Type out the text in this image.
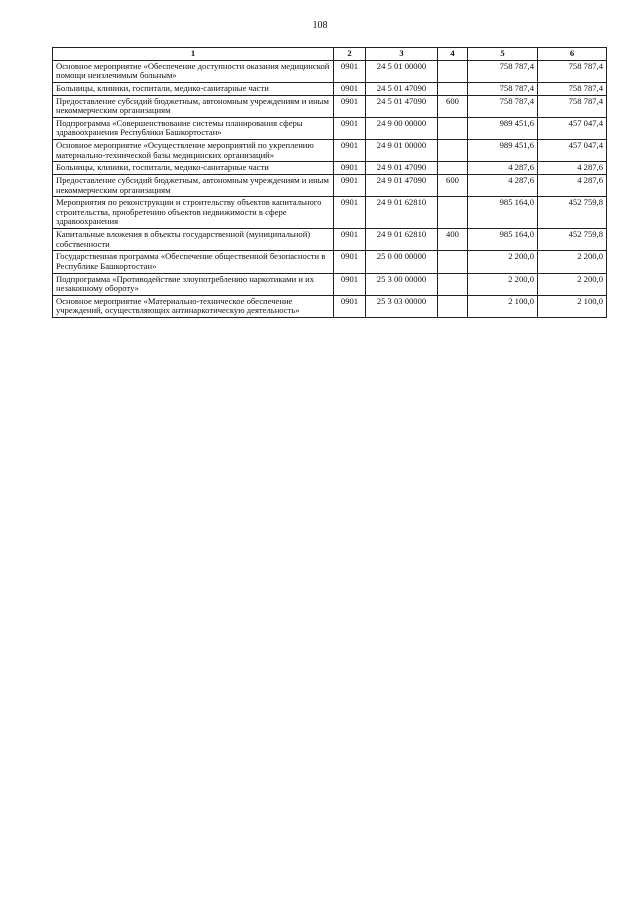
108
1	2	3	4	5	6
Основное мероприятие «Обеспечение доступности оказания медицинской помощи неизлечимым больным»	0901	24 5 01 00000		758 787,4	758 787,4
Больницы, клиники, госпитали, медико-санитарные части	0901	24 5 01 47090		758 787,4	758 787,4
Предоставление субсидий бюджетным, автономным учреждениям и иным некоммерческим организациям	0901	24 5 01 47090	600	758 787,4	758 787,4
Подпрограмма «Совершенствование системы планирования сферы здравоохранения Республики Башкортостан»	0901	24 9 00 00000		989 451,6	457 047,4
Основное мероприятие «Осуществление мероприятий по укреплению материально-технической базы медицинских организаций»	0901	24 9 01 00000		989 451,6	457 047,4
Больницы, клиники, госпитали, медико-санитарные части	0901	24 9 01 47090		4 287,6	4 287,6
Предоставление субсидий бюджетным, автономным учреждениям и иным некоммерческим организациям	0901	24 9 01 47090	600	4 287,6	4 287,6
Мероприятия по реконструкции и строительству объектов капитального строительства, приобретению объектов недвижимости в сфере здравоохранения	0901	24 9 01 62810		985 164,0	452 759,8
Капитальные вложения в объекты государственной (муниципальной) собственности	0901	24 9 01 62810	400	985 164,0	452 759,8
Государственная программа «Обеспечение общественной безопасности в Республике Башкортостан»	0901	25 0 00 00000		2 200,0	2 200,0
Подпрограмма «Противодействие злоупотреблению наркотиками и их незаконному обороту»	0901	25 3 00 00000		2 200,0	2 200,0
Основное мероприятие «Материально-техническое обеспечение учреждений, осуществляющих антинаркотическую деятельность»	0901	25 3 03 00000		2 100,0	2 100,0
